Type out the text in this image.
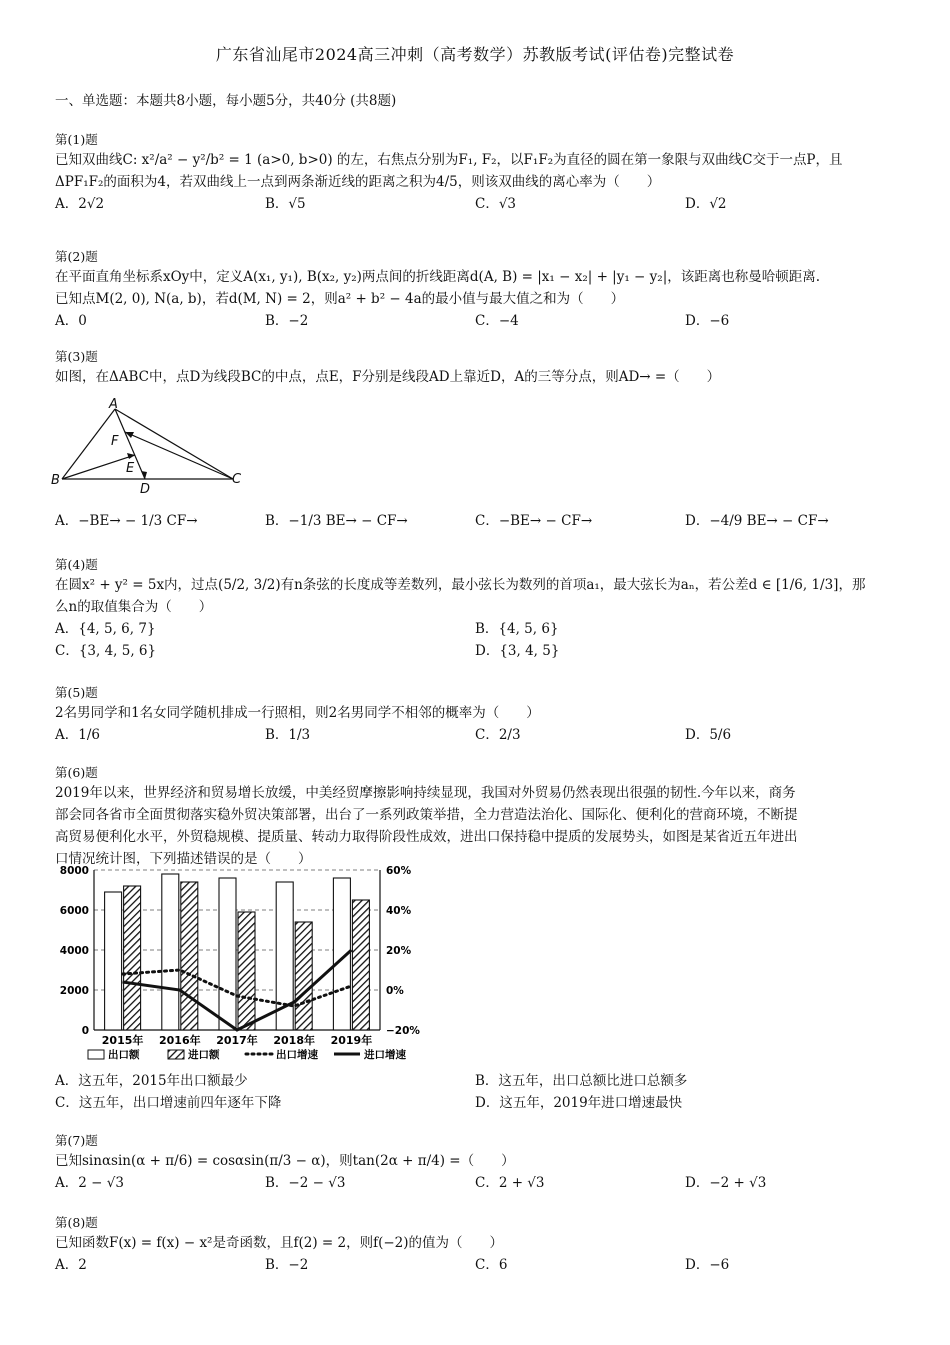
广东省汕尾市2024高三冲刺（高考数学）苏教版考试(评估卷)完整试卷
一、单选题：本题共8小题，每小题5分，共40分 (共8题)
第(1)题
已知双曲线C: x²/a² − y²/b² = 1 (a>0, b>0) 的左，右焦点分别为F₁, F₂，以F₁F₂为直径的圆在第一象限与双曲线C交于一点P，且
ΔPF₁F₂的面积为4，若双曲线上一点到两条渐近线的距离之积为4/5，则该双曲线的离心率为（　　）
A．2√2	B．√5	C．√3	D．√2
第(2)题
在平面直角坐标系xOy中，定义A(x₁, y₁), B(x₂, y₂)两点间的折线距离d(A, B) = |x₁ − x₂| + |y₁ − y₂|，该距离也称曼哈顿距离.
已知点M(2, 0), N(a, b)，若d(M, N) = 2，则a² + b² − 4a的最小值与最大值之和为（　　）
A．0	B．−2	C．−4	D．−6
第(3)题
如图，在ΔABC中，点D为线段BC的中点，点E，F分别是线段AD上靠近D，A的三等分点，则AD→ =（　　）
A
B	C
D
E
F
A．−BE→ − 1/3 CF→	B．−1/3 BE→ − CF→	C．−BE→ − CF→	D．−4/9 BE→ − CF→
第(4)题
在圆x² + y² = 5x内，过点(5/2, 3/2)有n条弦的长度成等差数列，最小弦长为数列的首项a₁，最大弦长为aₙ，若公差d ∈ [1/6, 1/3]，那
么n的取值集合为（　　）
A．{4, 5, 6, 7}	B．{4, 5, 6}
C．{3, 4, 5, 6}	D．{3, 4, 5}
第(5)题
2名男同学和1名女同学随机排成一行照相，则2名男同学不相邻的概率为（　　）
A．1/6	B．1/3	C．2/3	D．5/6
第(6)题
2019年以来，世界经济和贸易增长放缓，中美经贸摩擦影响持续显现，我国对外贸易仍然表现出很强的韧性.今年以来，商务
部会同各省市全面贯彻落实稳外贸决策部署，出台了一系列政策举措，全力营造法治化、国际化、便利化的营商环境，不断提
高贸易便利化水平，外贸稳规模、提质量、转动力取得阶段性成效，进出口保持稳中提质的发展势头，如图是某省近五年进出
口情况统计图，下列描述错误的是（　　）
8000
6000
4000
2000
0
60%
40%
20%
0%
−20%
2015年 2016年 2017年 2018年 2019年
出口额	进口额	出口增速	进口增速
A．这五年，2015年出口额最少	B．这五年，出口总额比进口总额多
C．这五年，出口增速前四年逐年下降	D．这五年，2019年进口增速最快
第(7)题
已知sinαsin(α + π/6) = cosαsin(π/3 − α)，则tan(2α + π/4) =（　　）
A．2 − √3	B．−2 − √3	C．2 + √3	D．−2 + √3
第(8)题
已知函数F(x) = f(x) − x²是奇函数，且f(2) = 2，则f(−2)的值为（　　）
A．2	B．−2	C．6	D．−6
